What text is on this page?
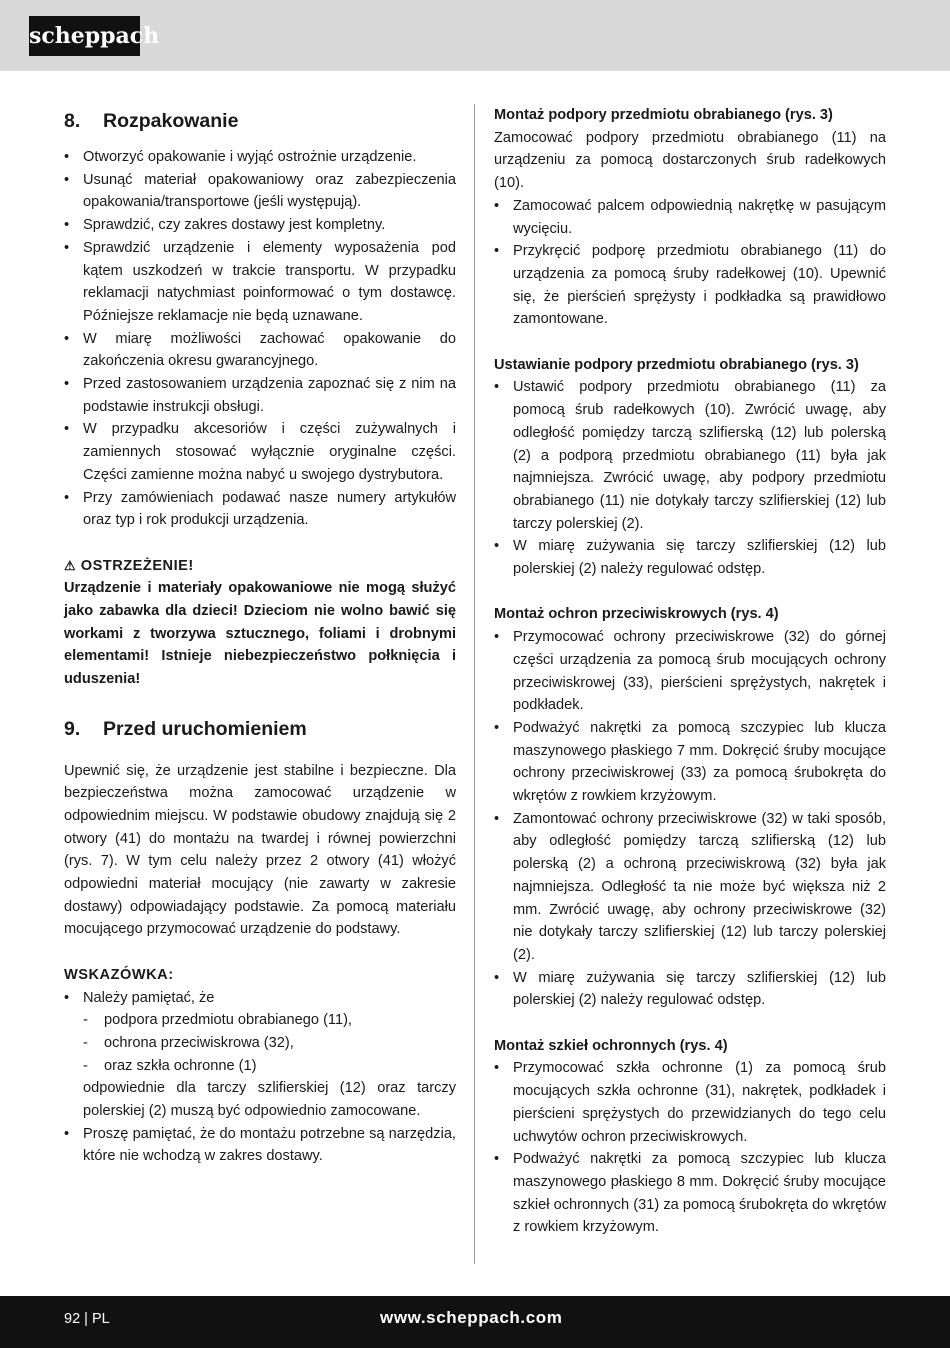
scheppach
8. Rozpakowanie
• Otworzyć opakowanie i wyjąć ostrożnie urządzenie.
• Usunąć materiał opakowaniowy oraz zabezpieczenia opakowania/transportowe (jeśli występują).
• Sprawdzić, czy zakres dostawy jest kompletny.
• Sprawdzić urządzenie i elementy wyposażenia pod kątem uszkodzeń w trakcie transportu. W przypadku reklamacji natychmiast poinformować o tym dostawcę. Późniejsze reklamacje nie będą uznawane.
• W miarę możliwości zachować opakowanie do zakończenia okresu gwarancyjnego.
• Przed zastosowaniem urządzenia zapoznać się z nim na podstawie instrukcji obsługi.
• W przypadku akcesoriów i części zużywalnych i zamiennych stosować wyłącznie oryginalne części. Części zamienne można nabyć u swojego dystrybutora.
• Przy zamówieniach podawać nasze numery artykułów oraz typ i rok produkcji urządzenia.
⚠ OSTRZEŻENIE!

Urządzenie i materiały opakowaniowe nie mogą służyć jako zabawka dla dzieci! Dzieciom nie wolno bawić się workami z tworzywa sztucznego, foliami i drobnymi elementami! Istnieje niebezpieczeństwo połknięcia i uduszenia!

9. Przed uruchomieniem

Upewnić się, że urządzenie jest stabilne i bezpieczne. Dla bezpieczeństwa można zamocować urządzenie w odpowiednim miejscu. W podstawie obudowy znajdują się 2 otwory (41) do montażu na twardej i równej powierzchni (rys. 7). W tym celu należy przez 2 otwory (41) włożyć odpowiedni materiał mocujący (nie zawarty w zakresie dostawy) odpowiadający podstawie. Za pomocą materiału mocującego przymocować urządzenie do podstawy.

WSKAZÓWKA:
• Należy pamiętać, że
- podpora przedmiotu obrabianego (11),
- ochrona przeciwiskrowa (32),
- oraz szkła ochronne (1)
odpowiednie dla tarczy szlifierskiej (12) oraz tarczy polerskiej (2) muszą być odpowiednio zamocowane.
• Proszę pamiętać, że do montażu potrzebne są narzędzia, które nie wchodzą w zakres dostawy.
Montaż podpory przedmiotu obrabianego (rys. 3)

Zamocować podpory przedmiotu obrabianego (11) na urządzeniu za pomocą dostarczonych śrub radełkowych (10).

• Zamocować palcem odpowiednią nakrętkę w pasującym wycięciu.
• Przykręcić podporę przedmiotu obrabianego (11) do urządzenia za pomocą śruby radełkowej (10). Upewnić się, że pierścień sprężysty i podkładka są prawidłowo zamontowane.
Ustawianie podpory przedmiotu obrabianego (rys. 3)
• Ustawić podpory przedmiotu obrabianego (11) za pomocą śrub radełkowych (10). Zwrócić uwagę, aby odległość pomiędzy tarczą szlifierską (12) lub polerską (2) a podporą przedmiotu obrabianego (11) była jak najmniejsza. Zwrócić uwagę, aby podpory przedmiotu obrabianego (11) nie dotykały tarczy szlifierskiej (12) lub tarczy polerskiej (2).
• W miarę zużywania się tarczy szlifierskiej (12) lub polerskiej (2) należy regulować odstęp.
Montaż ochron przeciwiskrowych (rys. 4)
• Przymocować ochrony przeciwiskrowe (32) do górnej części urządzenia za pomocą śrub mocujących ochrony przeciwiskrowej (33), pierścieni sprężystych, nakrętek i podkładek.
• Podważyć nakrętki za pomocą szczypiec lub klucza maszynowego płaskiego 7 mm. Dokręcić śruby mocujące ochrony przeciwiskrowej (33) za pomocą śrubokręta do wkrętów z rowkiem krzyżowym.
• Zamontować ochrony przeciwiskrowe (32) w taki sposób, aby odległość pomiędzy tarczą szlifierską (12) lub polerską (2) a ochroną przeciwiskrową (32) była jak najmniejsza. Odległość ta nie może być większa niż 2 mm. Zwrócić uwagę, aby ochrony przeciwiskrowe (32) nie dotykały tarczy szlifierskiej (12) lub tarczy polerskiej (2).
• W miarę zużywania się tarczy szlifierskiej (12) lub polerskiej (2) należy regulować odstęp.
Montaż szkieł ochronnych (rys. 4)
• Przymocować szkła ochronne (1) za pomocą śrub mocujących szkła ochronne (31), nakrętek, podkładek i pierścieni sprężystych do przewidzianych do tego celu uchwytów ochron przeciwiskrowych.
• Podważyć nakrętki za pomocą szczypiec lub klucza maszynowego płaskiego 8 mm. Dokręcić śruby mocujące szkieł ochronnych (31) za pomocą śrubokręta do wkrętów z rowkiem krzyżowym.
92 | PL	www.scheppach.com
